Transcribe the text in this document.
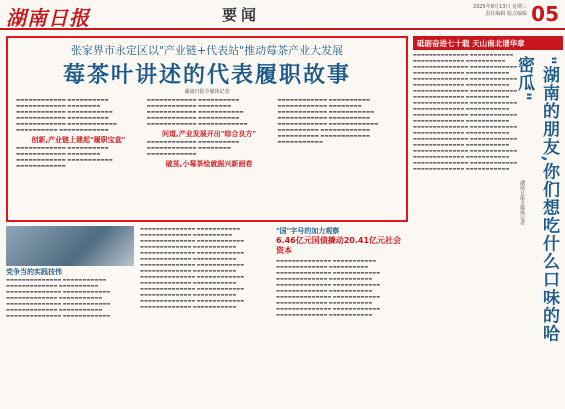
湖南日报	要闻	2025年8月13日 星期三
责任编辑 版式编辑 05
张家界市永定区以"产业链+代表站"推动莓茶产业大发展
莓茶叶讲述的代表履职故事
湖南日报全媒体记者
▬▬▬▬▬▬▬▬▬▬▬▬ ▬▬▬▬▬▬▬▬▬▬ ▬▬▬▬▬▬▬▬▬▬▬▬ ▬▬▬▬▬▬▬▬ ▬▬▬▬▬▬▬▬▬▬▬▬ ▬▬▬▬▬▬▬▬▬▬▬ ▬▬▬▬▬▬▬▬▬▬▬▬ ▬▬▬▬▬▬▬▬▬▬ ▬▬▬▬▬▬▬▬▬▬▬▬ ▬▬▬▬▬▬▬▬▬▬▬▬ ▬▬▬▬▬▬▬▬▬▬ ▬▬▬▬▬▬▬▬▬▬▬▬
创新,产业链上建起"履职宝盒"
▬▬▬▬▬▬▬▬▬▬▬▬ ▬▬▬▬▬▬▬▬▬▬ ▬▬▬▬▬▬▬▬▬▬▬▬ ▬▬▬▬▬▬▬▬ ▬▬▬▬▬▬▬▬▬▬▬▬ ▬▬▬▬▬▬▬▬▬▬▬ ▬▬▬▬▬▬▬▬▬▬▬▬
▬▬▬▬▬▬▬▬▬▬▬▬ ▬▬▬▬▬▬▬▬▬▬ ▬▬▬▬▬▬▬▬▬▬▬▬ ▬▬▬▬▬▬▬▬ ▬▬▬▬▬▬▬▬▬▬▬▬ ▬▬▬▬▬▬▬▬▬▬▬ ▬▬▬▬▬▬▬▬▬▬▬▬ ▬▬▬▬▬▬▬▬▬▬ ▬▬▬▬▬▬▬▬▬▬▬▬ ▬▬▬▬▬▬▬▬▬▬▬▬
问道,产业发展开出"综合良方"
▬▬▬▬▬▬▬▬▬▬▬▬ ▬▬▬▬▬▬▬▬▬▬ ▬▬▬▬▬▬▬▬▬▬▬▬ ▬▬▬▬▬▬▬▬ ▬▬▬▬▬▬▬▬▬▬▬▬
破茧,小莓茶绘就振兴新画卷
▬▬▬▬▬▬▬▬▬▬▬▬ ▬▬▬▬▬▬▬▬▬▬ ▬▬▬▬▬▬▬▬▬▬▬▬ ▬▬▬▬▬▬▬▬ ▬▬▬▬▬▬▬▬▬▬▬▬ ▬▬▬▬▬▬▬▬▬▬▬ ▬▬▬▬▬▬▬▬▬▬▬▬ ▬▬▬▬▬▬▬▬▬▬ ▬▬▬▬▬▬▬▬▬▬▬▬ ▬▬▬▬▬▬▬▬▬▬▬▬ ▬▬▬▬▬▬▬▬▬▬ ▬▬▬▬▬▬▬▬▬▬▬▬ ▬▬▬▬▬▬▬▬▬▬ ▬▬▬▬▬▬▬▬▬▬▬▬ ▬▬▬▬▬▬▬▬▬▬▬
砥砺奋进七十载 天山南北谱华章
▬▬▬▬▬▬▬▬▬▬▬▬▬▬ ▬▬▬▬▬▬▬▬▬▬▬ ▬▬▬▬▬▬▬▬▬▬▬▬▬ ▬▬▬▬▬▬▬▬▬▬ ▬▬▬▬▬▬▬▬▬▬▬▬▬▬ ▬▬▬▬▬▬▬▬▬▬▬▬ ▬▬▬▬▬▬▬▬▬▬▬▬▬ ▬▬▬▬▬▬▬▬▬▬▬ ▬▬▬▬▬▬▬▬▬▬▬▬▬▬ ▬▬▬▬▬▬▬▬▬▬▬▬ ▬▬▬▬▬▬▬▬▬▬▬▬▬ ▬▬▬▬▬▬▬▬▬▬▬ ▬▬▬▬▬▬▬▬▬▬▬▬▬▬ ▬▬▬▬▬▬▬▬▬▬▬▬ ▬▬▬▬▬▬▬▬▬▬▬▬▬ ▬▬▬▬▬▬▬▬▬▬▬ ▬▬▬▬▬▬▬▬▬▬▬▬▬▬ ▬▬▬▬▬▬▬▬▬▬▬▬ ▬▬▬▬▬▬▬▬▬▬▬▬▬ ▬▬▬▬▬▬▬▬▬▬▬ ▬▬▬▬▬▬▬▬▬▬▬▬▬▬ ▬▬▬▬▬▬▬▬▬▬▬▬ ▬▬▬▬▬▬▬▬▬▬▬▬▬ ▬▬▬▬▬▬▬▬▬▬▬ ▬▬▬▬▬▬▬▬▬▬▬▬▬▬ ▬▬▬▬▬▬▬▬▬▬▬▬ ▬▬▬▬▬▬▬▬▬▬▬▬▬ ▬▬▬▬▬▬▬▬▬▬▬ ▬▬▬▬▬▬▬▬▬▬▬▬▬▬ ▬▬▬▬▬▬▬▬▬▬▬▬ ▬▬▬▬▬▬▬▬▬▬▬▬▬ ▬▬▬▬▬▬▬▬▬▬▬ ▬▬▬▬▬▬▬▬▬▬▬▬▬▬ ▬▬▬▬▬▬▬▬▬▬▬▬ ▬▬▬▬▬▬▬▬▬▬▬▬▬ ▬▬▬▬▬▬▬▬▬▬▬ ▬▬▬▬▬▬▬▬▬▬▬▬▬▬ ▬▬▬▬▬▬▬▬▬▬▬▬ ▬▬▬▬▬▬▬▬▬▬▬▬▬ ▬▬▬▬▬▬▬▬▬▬▬
湖南日报全媒体记者 "湖南的朋友,你们想吃什么口味的哈密瓜"
党争当的实践技伟
▬▬▬▬▬▬▬▬▬▬▬▬▬▬ ▬▬▬▬▬▬▬▬▬▬▬ ▬▬▬▬▬▬▬▬▬▬▬▬▬ ▬▬▬▬▬▬▬▬▬▬ ▬▬▬▬▬▬▬▬▬▬▬▬▬▬ ▬▬▬▬▬▬▬▬▬▬▬▬ ▬▬▬▬▬▬▬▬▬▬▬▬▬ ▬▬▬▬▬▬▬▬▬▬▬ ▬▬▬▬▬▬▬▬▬▬▬▬▬▬ ▬▬▬▬▬▬▬▬▬▬▬▬ ▬▬▬▬▬▬▬▬▬▬▬▬▬ ▬▬▬▬▬▬▬▬▬▬▬ ▬▬▬▬▬▬▬▬▬▬▬▬▬▬ ▬▬▬▬▬▬▬▬▬▬▬▬
▬▬▬▬▬▬▬▬▬▬▬▬▬▬ ▬▬▬▬▬▬▬▬▬▬▬ ▬▬▬▬▬▬▬▬▬▬▬▬▬ ▬▬▬▬▬▬▬▬▬▬ ▬▬▬▬▬▬▬▬▬▬▬▬▬▬ ▬▬▬▬▬▬▬▬▬▬▬▬ ▬▬▬▬▬▬▬▬▬▬▬▬▬ ▬▬▬▬▬▬▬▬▬▬▬ ▬▬▬▬▬▬▬▬▬▬▬▬▬▬ ▬▬▬▬▬▬▬▬▬▬▬▬ ▬▬▬▬▬▬▬▬▬▬▬▬▬ ▬▬▬▬▬▬▬▬▬▬▬ ▬▬▬▬▬▬▬▬▬▬▬▬▬▬ ▬▬▬▬▬▬▬▬▬▬▬▬ ▬▬▬▬▬▬▬▬▬▬▬▬▬ ▬▬▬▬▬▬▬▬▬▬▬ ▬▬▬▬▬▬▬▬▬▬▬▬▬▬ ▬▬▬▬▬▬▬▬▬▬▬▬ ▬▬▬▬▬▬▬▬▬▬▬▬▬ ▬▬▬▬▬▬▬▬▬▬▬ ▬▬▬▬▬▬▬▬▬▬▬▬▬▬ ▬▬▬▬▬▬▬▬▬▬▬▬ ▬▬▬▬▬▬▬▬▬▬▬▬▬ ▬▬▬▬▬▬▬▬▬▬▬ ▬▬▬▬▬▬▬▬▬▬▬▬▬▬ ▬▬▬▬▬▬▬▬▬▬▬▬ ▬▬▬▬▬▬▬▬▬▬▬▬▬ ▬▬▬▬▬▬▬▬▬▬▬
"国"字号的加力观察
6.46亿元国债撬动20.41亿元社会资本
▬▬▬▬▬▬▬▬▬▬▬▬▬▬ ▬▬▬▬▬▬▬▬▬▬▬ ▬▬▬▬▬▬▬▬▬▬▬▬▬ ▬▬▬▬▬▬▬▬▬▬ ▬▬▬▬▬▬▬▬▬▬▬▬▬▬ ▬▬▬▬▬▬▬▬▬▬▬▬ ▬▬▬▬▬▬▬▬▬▬▬▬▬ ▬▬▬▬▬▬▬▬▬▬▬ ▬▬▬▬▬▬▬▬▬▬▬▬▬▬ ▬▬▬▬▬▬▬▬▬▬▬▬ ▬▬▬▬▬▬▬▬▬▬▬▬▬ ▬▬▬▬▬▬▬▬▬▬▬ ▬▬▬▬▬▬▬▬▬▬▬▬▬▬ ▬▬▬▬▬▬▬▬▬▬▬▬ ▬▬▬▬▬▬▬▬▬▬▬▬▬ ▬▬▬▬▬▬▬▬▬▬▬ ▬▬▬▬▬▬▬▬▬▬▬▬▬▬ ▬▬▬▬▬▬▬▬▬▬▬▬ ▬▬▬▬▬▬▬▬▬▬▬▬▬ ▬▬▬▬▬▬▬▬▬▬▬
